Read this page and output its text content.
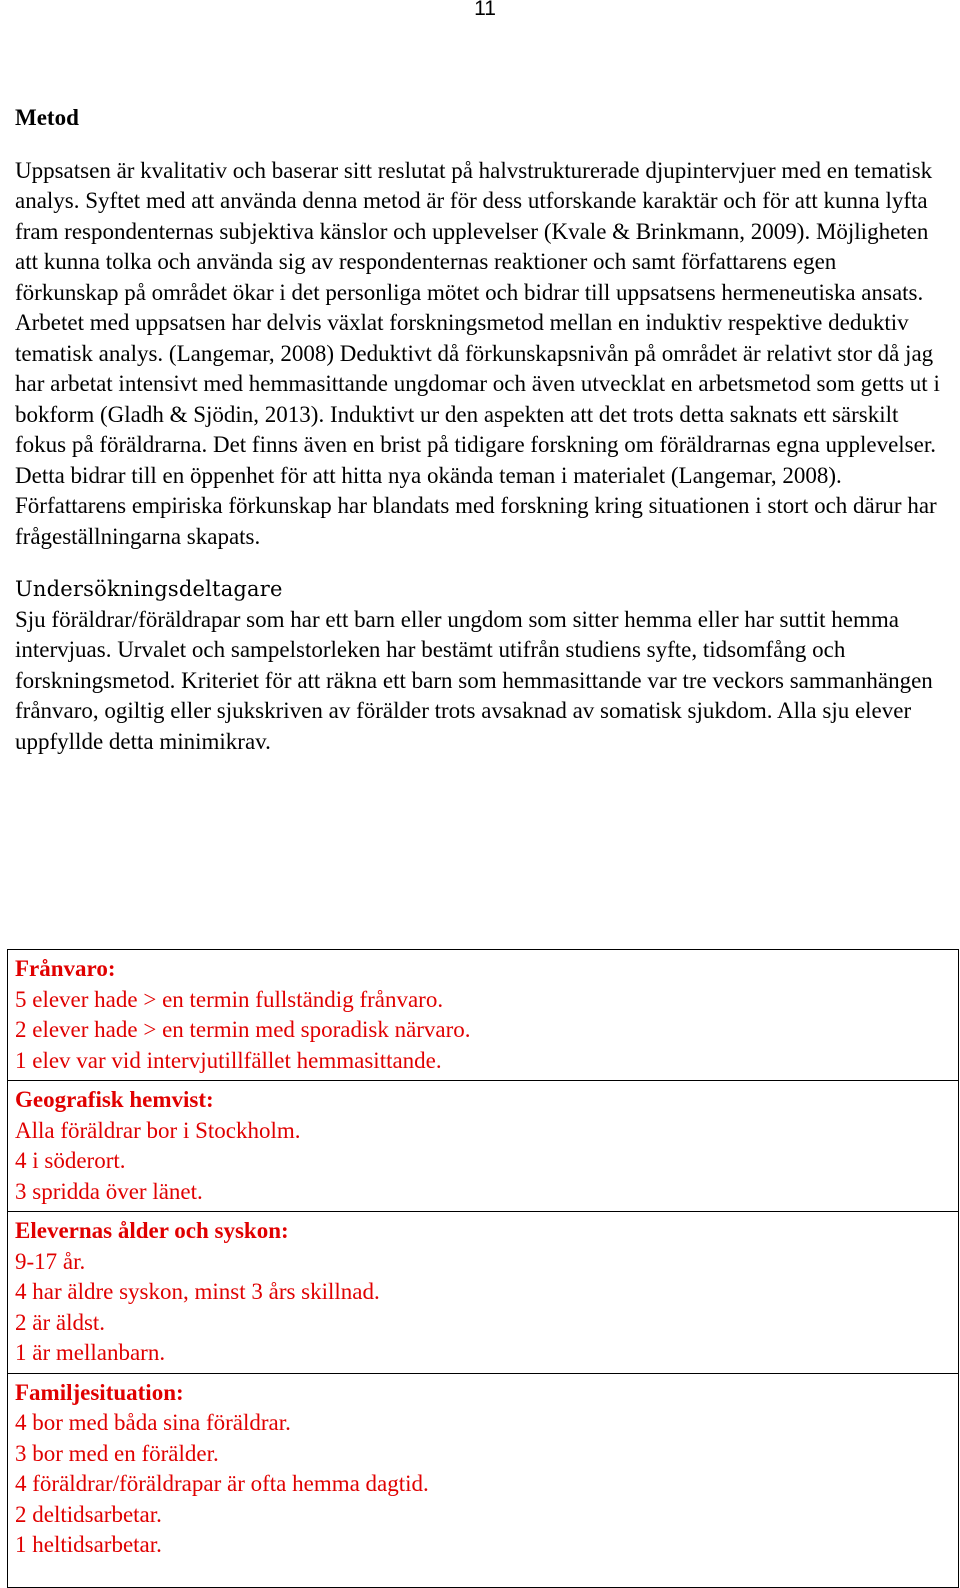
11
Metod

Uppsatsen är kvalitativ och baserar sitt reslutat på halvstrukturerade djupintervjuer med en tematisk analys. Syftet med att använda denna metod är för dess utforskande karaktär och för att kunna lyfta fram respondenternas subjektiva känslor och upplevelser (Kvale & Brinkmann, 2009). Möjligheten att kunna tolka och använda sig av respondenternas reaktioner och samt författarens egen förkunskap på området ökar i det personliga mötet och bidrar till uppsatsens hermeneutiska ansats. Arbetet med uppsatsen har delvis växlat forskningsmetod mellan en induktiv respektive deduktiv tematisk analys. (Langemar, 2008) Deduktivt då förkunskapsnivån på området är relativt stor då jag har arbetat intensivt med hemmasittande ungdomar och även utvecklat en arbetsmetod som getts ut i bokform (Gladh & Sjödin, 2013). Induktivt ur den aspekten att det trots detta saknats ett särskilt fokus på föräldrarna. Det finns även en brist på tidigare forskning om föräldrarnas egna upplevelser. Detta bidrar till en öppenhet för att hitta nya okända teman i materialet (Langemar, 2008). Författarens empiriska förkunskap har blandats med forskning kring situationen i stort och därur har frågeställningarna skapats.

Undersökningsdeltagare

Sju föräldrar/föräldrapar som har ett barn eller ungdom som sitter hemma eller har suttit hemma intervjuas. Urvalet och sampelstorleken har bestämt utifrån studiens syfte, tidsomfång och forskningsmetod. Kriteriet för att räkna ett barn som hemmasittande var tre veckors sammanhängen frånvaro, ogiltig eller sjukskriven av förälder trots avsaknad av somatisk sjukdom. Alla sju elever uppfyllde detta minimikrav.

Frånvaro:
5 elever hade > en termin fullständig frånvaro.
2 elever hade > en termin med sporadisk närvaro.
1 elev var vid intervjutillfället hemmasittande.
Geografisk hemvist:
Alla föräldrar bor i Stockholm.
4 i söderort.
3 spridda över länet.
Elevernas ålder och syskon:
9-17 år.
4 har äldre syskon, minst 3 års skillnad.
2 är äldst.
1 är mellanbarn.
Familjesituation:
4 bor med båda sina föräldrar.
3 bor med en förälder.
4 föräldrar/föräldrapar är ofta hemma dagtid.
2 deltidsarbetar.
1 heltidsarbetar.
